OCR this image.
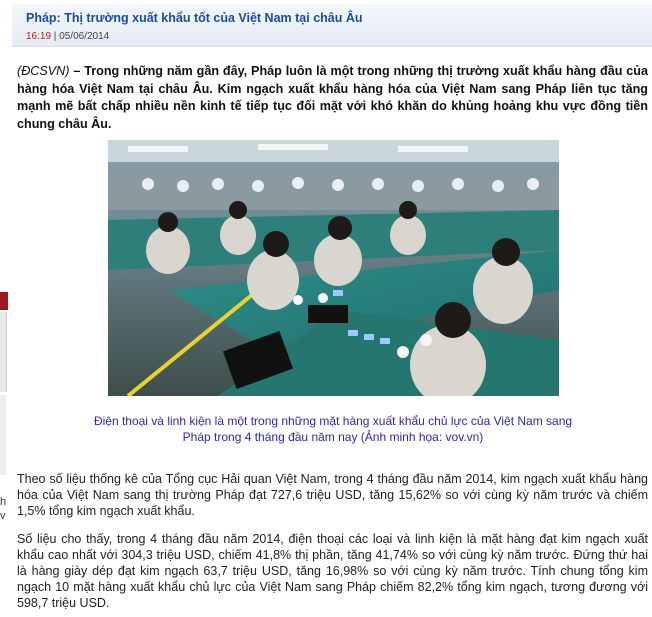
h
v
Pháp: Thị trường xuất khẩu tốt của Việt Nam tại châu Âu
16:19 | 05/06/2014
(ĐCSVN) – Trong những năm gần đây, Pháp luôn là một trong những thị trường xuất khẩu hàng đầu của hàng hóa Việt Nam tại châu Âu. Kim ngạch xuất khẩu hàng hóa của Việt Nam sang Pháp liên tục tăng mạnh mẽ bất chấp nhiều nền kinh tế tiếp tục đối mặt với khó khăn do khủng hoảng khu vực đồng tiền chung châu Âu.
Điện thoại và linh kiện là một trong những mặt hàng xuất khẩu chủ lực của Việt Nam sang Pháp trong 4 tháng đầu năm nay (Ảnh minh họa: vov.vn)
Theo số liệu thống kê của Tổng cục Hải quan Việt Nam, trong 4 tháng đầu năm 2014, kim ngạch xuất khẩu hàng hóa của Việt Nam sang thị trường Pháp đạt 727,6 triệu USD, tăng 15,62% so với cùng kỳ năm trước và chiếm 1,5% tổng kim ngạch xuất khẩu.
Số liệu cho thấy, trong 4 tháng đầu năm 2014, điện thoại các loại và linh kiện là mặt hàng đạt kim ngạch xuất khẩu cao nhất với 304,3 triệu USD, chiếm 41,8% thị phần, tăng 41,74% so với cùng kỳ năm trước. Đứng thứ hai là hàng giày dép đạt kim ngạch 63,7 triệu USD, tăng 16,98% so với cùng kỳ năm trước. Tính chung tổng kim ngạch 10 mặt hàng xuất khẩu chủ lực của Việt Nam sang Pháp chiếm 82,2% tổng kim ngạch, tương đương với 598,7 triệu USD.
